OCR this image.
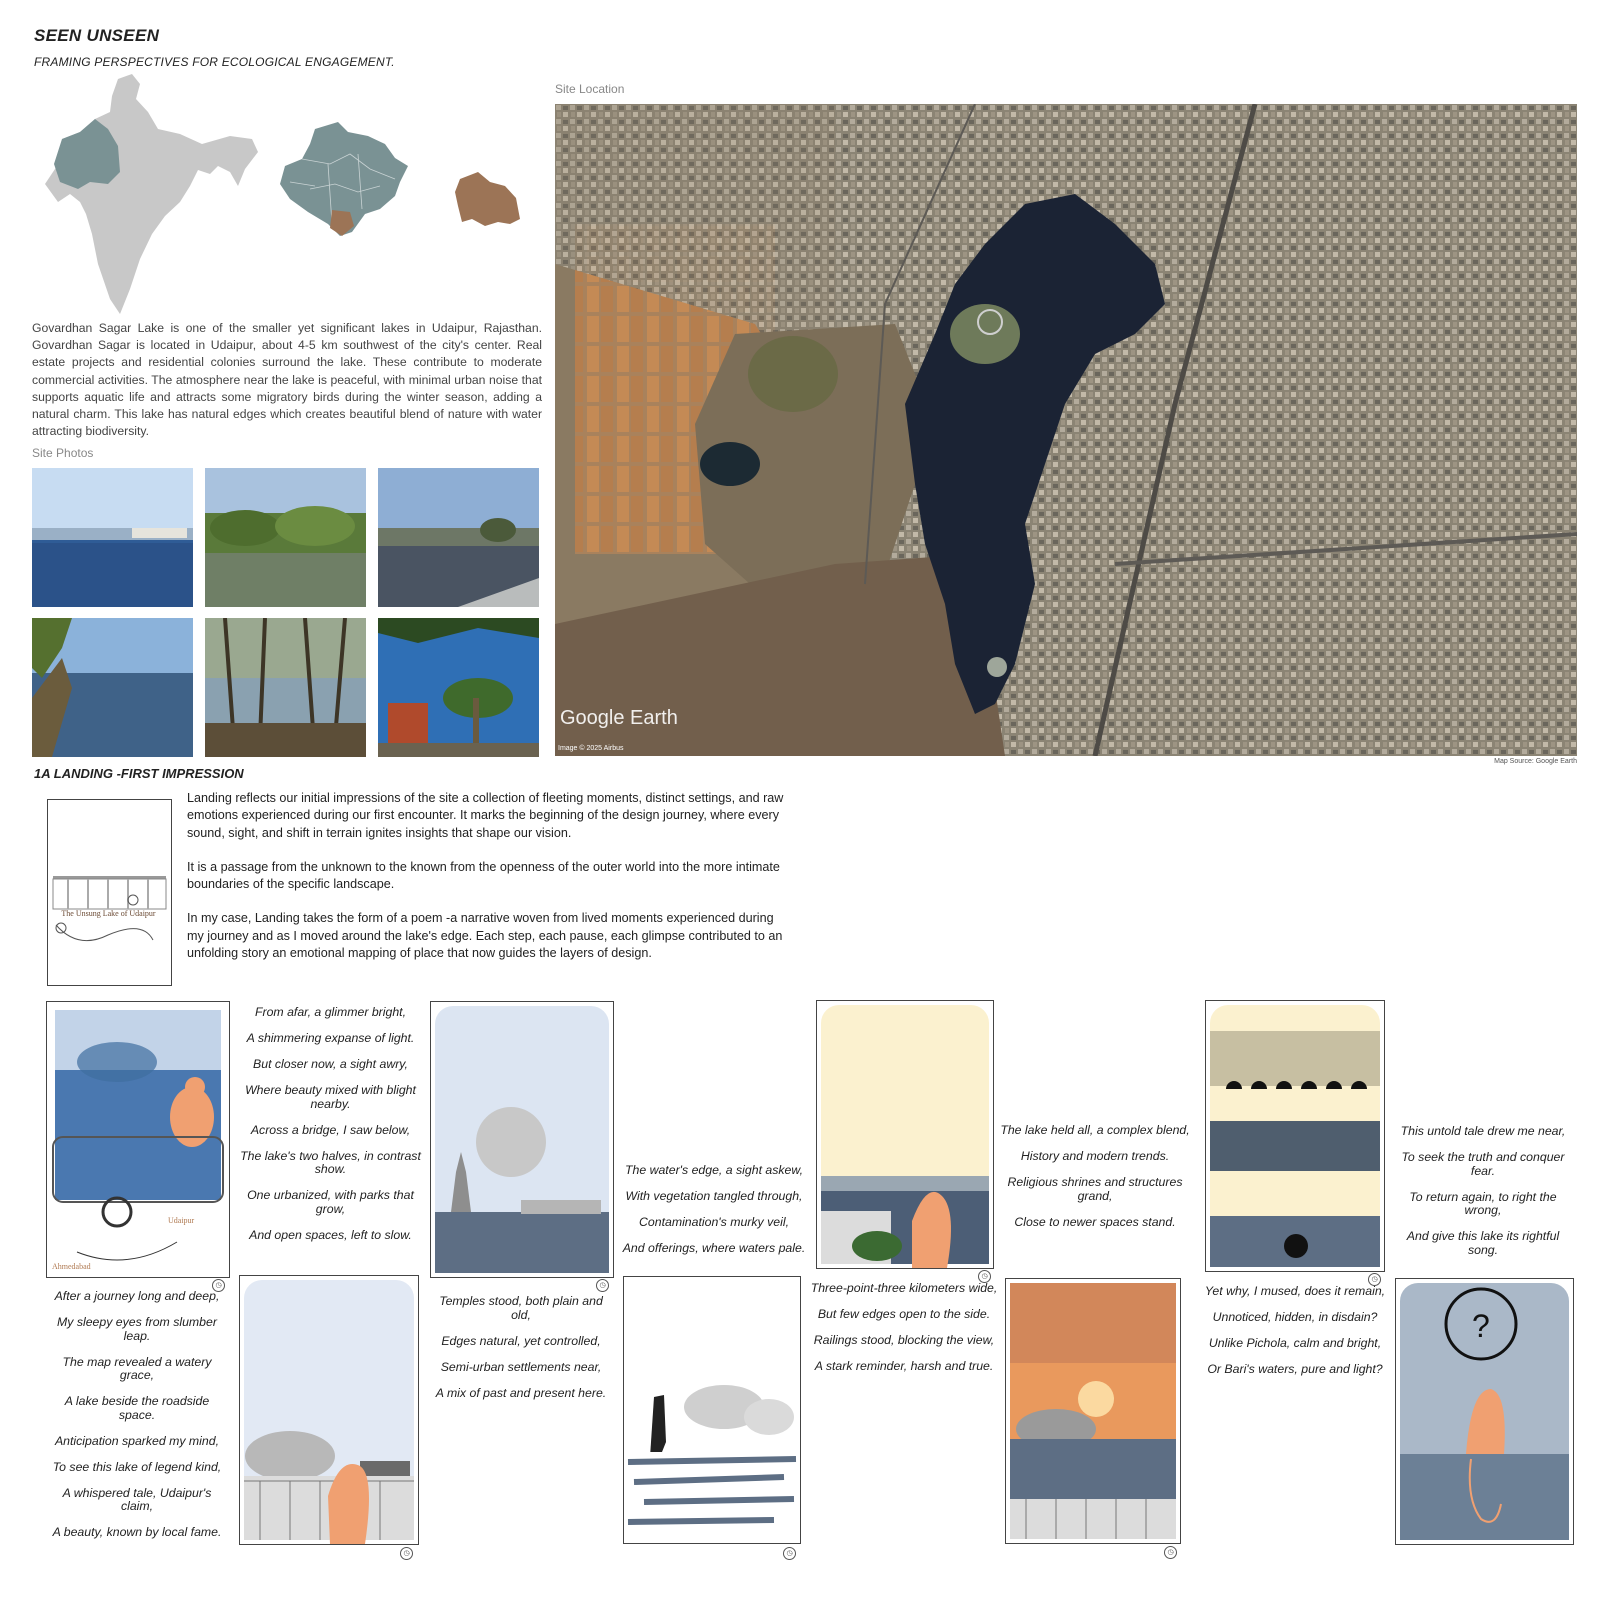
SEEN UNSEEN
FRAMING PERSPECTIVES FOR ECOLOGICAL ENGAGEMENT.
Govardhan Sagar Lake is one of the smaller yet significant lakes in Udaipur, Rajasthan. Govardhan Sagar is located in Udaipur, about 4-5 km southwest of the city's center. Real estate projects and residential colonies surround the lake. These contribute to moderate commercial activities. The atmosphere near the lake is peaceful, with minimal urban noise that supports aquatic life and attracts some migratory birds during the winter season, adding a natural charm. This lake has natural edges which creates beautiful blend of nature with water attracting biodiversity.
Site Photos
Site Location
Google Earth
Image © 2025 Airbus
Map Source: Google Earth
1A LANDING -FIRST IMPRESSION
The Unsung Lake of Udaipur

Landing reflects our initial impressions of the site a collection of fleeting moments, distinct settings, and raw emotions experienced during our first encounter. It marks the beginning of the design journey, where every sound, sight, and shift in terrain ignites insights that shape our vision.

It is a passage from the unknown to the known from the openness of the outer world into the more intimate boundaries of the specific landscape.

In my case, Landing takes the form of a poem -a narrative woven from lived moments experienced during my journey and as I moved around the lake's edge. Each step, each pause, each glimpse contributed to an unfolding story an emotional mapping of place that now guides the layers of design.

Udaipur
Ahmedabad
◷
From afar, a glimmer bright,
A shimmering expanse of light.
But closer now, a sight awry,
Where beauty mixed with blight nearby.
Across a bridge, I saw below,
The lake's two halves, in contrast show.
One urbanized, with parks that grow,
And open spaces, left to slow.
After a journey long and deep,
My sleepy eyes from slumber leap.
The map revealed a watery grace,
A lake beside the roadside space.
Anticipation sparked my mind,
To see this lake of legend kind,
A whispered tale, Udaipur's claim,
A beauty, known by local fame.
◷
◷
Temples stood, both plain and old,
Edges natural, yet controlled,
Semi-urban settlements near,
A mix of past and present here.
The water's edge, a sight askew,
With vegetation tangled through,
Contamination's murky veil,
And offerings, where waters pale.
◷
◷
Three-point-three kilometers wide,
But few edges open to the side.
Railings stood, blocking the view,
A stark reminder, harsh and true.
The lake held all, a complex blend,
History and modern trends.
Religious shrines and structures grand,
Close to newer spaces stand.
◷
◷
Yet why, I mused, does it remain,
Unnoticed, hidden, in disdain?
Unlike Pichola, calm and bright,
Or Bari's waters, pure and light?
This untold tale drew me near,
To seek the truth and conquer fear.
To return again, to right the wrong,
And give this lake its rightful song.
?
